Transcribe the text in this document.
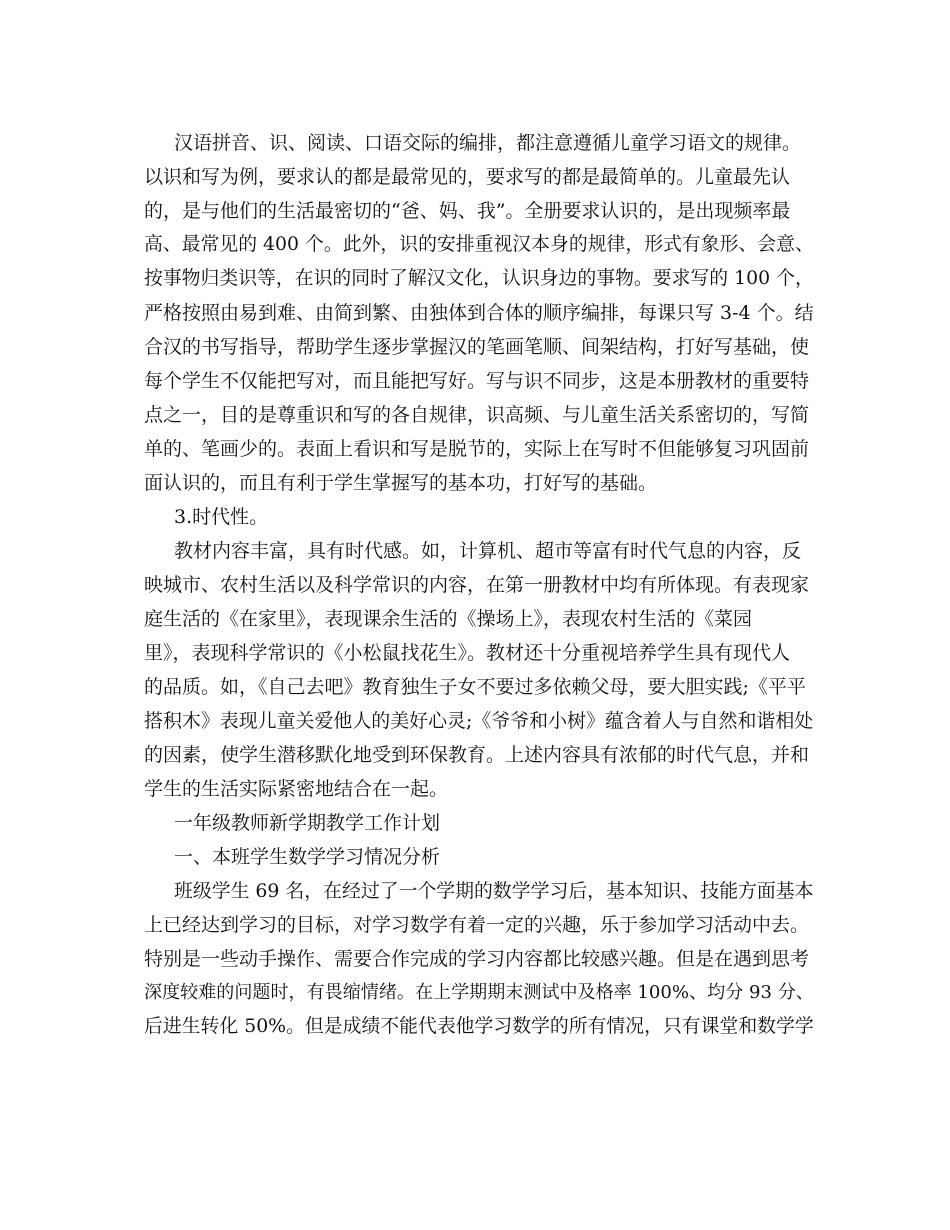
汉语拼音、识、阅读、口语交际的编排，都注意遵循儿童学习语文的规律。
以识和写为例，要求认的都是最常见的，要求写的都是最简单的。儿童最先认
的，是与他们的生活最密切的“爸、妈、我”。全册要求认识的，是出现频率最
高、最常见的 400 个。此外，识的安排重视汉本身的规律，形式有象形、会意、
按事物归类识等，在识的同时了解汉文化，认识身边的事物。要求写的 100 个，
严格按照由易到难、由简到繁、由独体到合体的顺序编排，每课只写 3-4 个。结
合汉的书写指导，帮助学生逐步掌握汉的笔画笔顺、间架结构，打好写基础，使
每个学生不仅能把写对，而且能把写好。写与识不同步，这是本册教材的重要特
点之一，目的是尊重识和写的各自规律，识高频、与儿童生活关系密切的，写简
单的、笔画少的。表面上看识和写是脱节的，实际上在写时不但能够复习巩固前
面认识的，而且有利于学生掌握写的基本功，打好写的基础。
3.时代性。
教材内容丰富，具有时代感。如，计算机、超市等富有时代气息的内容，反
映城市、农村生活以及科学常识的内容，在第一册教材中均有所体现。有表现家
庭生活的《在家里》，表现课余生活的《操场上》，表现农村生活的《菜园
里》，表现科学常识的《小松鼠找花生》。教材还十分重视培养学生具有现代人
的品质。如，《自己去吧》教育独生子女不要过多依赖父母，要大胆实践;《平平
搭积木》表现儿童关爱他人的美好心灵;《爷爷和小树》蕴含着人与自然和谐相处
的因素，使学生潜移默化地受到环保教育。上述内容具有浓郁的时代气息，并和
学生的生活实际紧密地结合在一起。
一年级教师新学期教学工作计划
一、本班学生数学学习情况分析
班级学生 69 名，在经过了一个学期的数学学习后，基本知识、技能方面基本
上已经达到学习的目标，对学习数学有着一定的兴趣，乐于参加学习活动中去。
特别是一些动手操作、需要合作完成的学习内容都比较感兴趣。但是在遇到思考
深度较难的问题时，有畏缩情绪。在上学期期末测试中及格率 100%、均分 93 分、
后进生转化 50%。但是成绩不能代表他学习数学的所有情况，只有课堂和数学学
